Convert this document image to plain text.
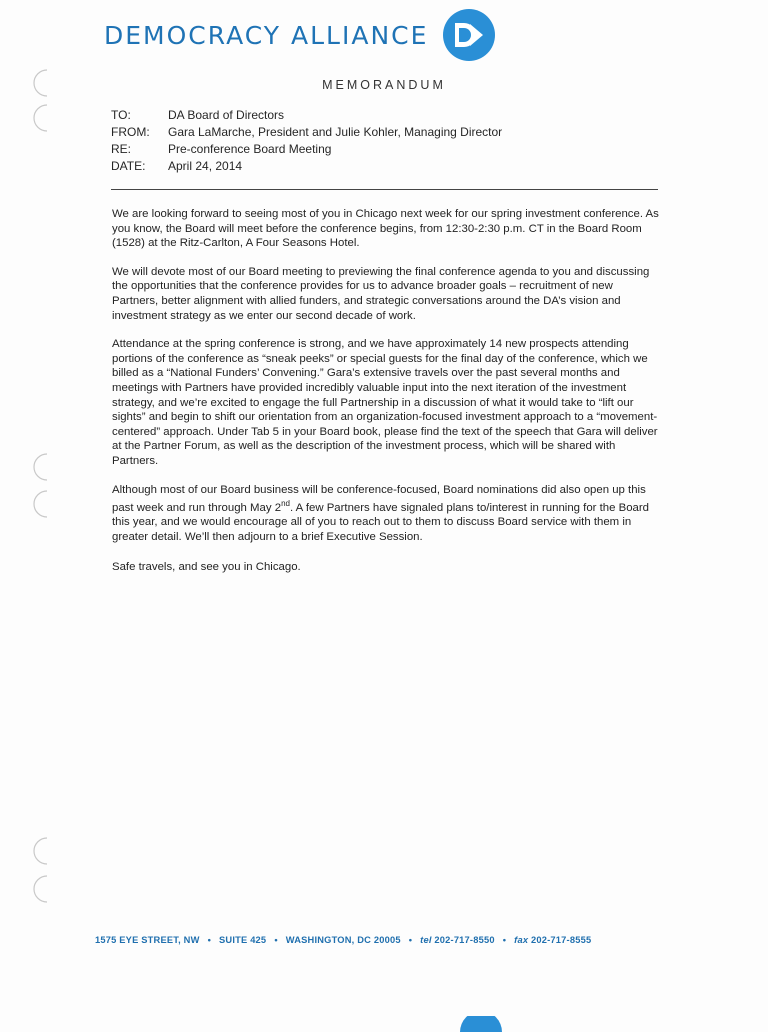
DEMOCRACY ALLIANCE
MEMORANDUM
TO:	DA Board of Directors
FROM:	Gara LaMarche, President and Julie Kohler, Managing Director
RE:	Pre-conference Board Meeting
DATE:	April 24, 2014

We are looking forward to seeing most of you in Chicago next week for our spring investment conference. As you know, the Board will meet before the conference begins, from 12:30-2:30 p.m. CT in the Board Room (1528) at the Ritz-Carlton, A Four Seasons Hotel.

We will devote most of our Board meeting to previewing the final conference agenda to you and discussing the opportunities that the conference provides for us to advance broader goals – recruitment of new Partners, better alignment with allied funders, and strategic conversations around the DA’s vision and investment strategy as we enter our second decade of work.

Attendance at the spring conference is strong, and we have approximately 14 new prospects attending portions of the conference as “sneak peeks” or special guests for the final day of the conference, which we billed as a “National Funders’ Convening.” Gara’s extensive travels over the past several months and meetings with Partners have provided incredibly valuable input into the next iteration of the investment strategy, and we’re excited to engage the full Partnership in a discussion of what it would take to “lift our sights” and begin to shift our orientation from an organization-focused investment approach to a “movement-centered” approach. Under Tab 5 in your Board book, please find the text of the speech that Gara will deliver at the Partner Forum, as well as the description of the investment process, which will be shared with Partners.

Although most of our Board business will be conference-focused, Board nominations did also open up this past week and run through May 2nd. A few Partners have signaled plans to/interest in running for the Board this year, and we would encourage all of you to reach out to them to discuss Board service with them in greater detail. We’ll then adjourn to a brief Executive Session.

Safe travels, and see you in Chicago.

1575 EYE STREET, NW • SUITE 425 • WASHINGTON, DC 20005 • tel 202-717-8550 • fax 202-717-8555
